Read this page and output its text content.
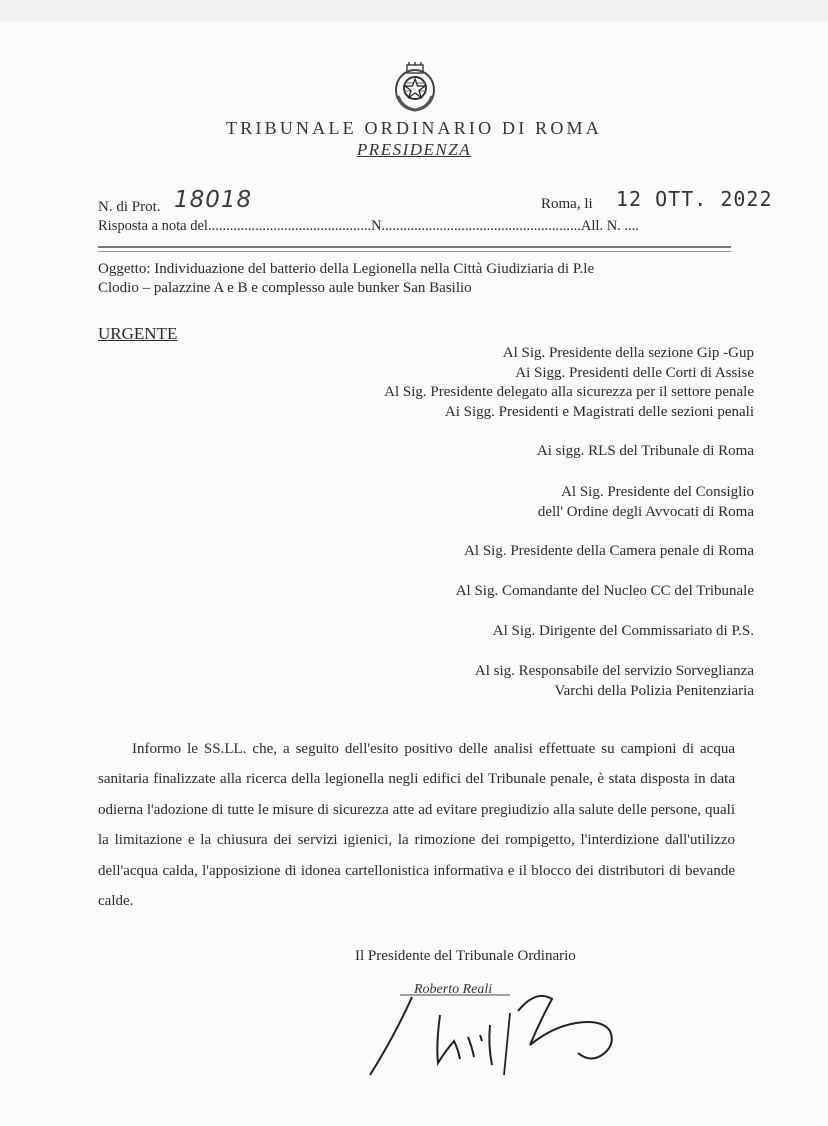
TRIBUNALE ORDINARIO DI ROMA
PRESIDENZA
N. di Prot. 18018	Roma, li 12 OTT. 2022
Risposta a nota del.............................................N.......................................................All. N. ....
Oggetto: Individuazione del batterio della Legionella nella Città Giudiziaria di P.le
Clodio – palazzine A e B e complesso aule bunker San Basilio
URGENTE
Al Sig. Presidente della sezione Gip -Gup
Ai Sigg. Presidenti delle Corti di Assise
Al Sig. Presidente delegato alla sicurezza per il settore penale
Ai Sigg. Presidenti e Magistrati delle sezioni penali
Ai sigg. RLS del Tribunale di Roma
Al Sig. Presidente del Consiglio
dell' Ordine degli Avvocati di Roma
Al Sig. Presidente della Camera penale di Roma
Al Sig. Comandante del Nucleo CC del Tribunale
Al Sig. Dirigente del Commissariato di P.S.
Al sig. Responsabile del servizio Sorveglianza
Varchi della Polizia Penitenziaria

Informo le SS.LL. che, a seguito dell'esito positivo delle analisi effettuate su campioni di acqua sanitaria finalizzate alla ricerca della legionella negli edifici del Tribunale penale, è stata disposta in data odierna l'adozione di tutte le misure di sicurezza atte ad evitare pregiudizio alla salute delle persone, quali la limitazione e la chiusura dei servizi igienici, la rimozione dei rompigetto, l'interdizione dall'utilizzo dell'acqua calda, l'apposizione di idonea cartellonistica informativa e il blocco dei distributori di bevande calde.

Il Presidente del Tribunale Ordinario
Roberto Reali
